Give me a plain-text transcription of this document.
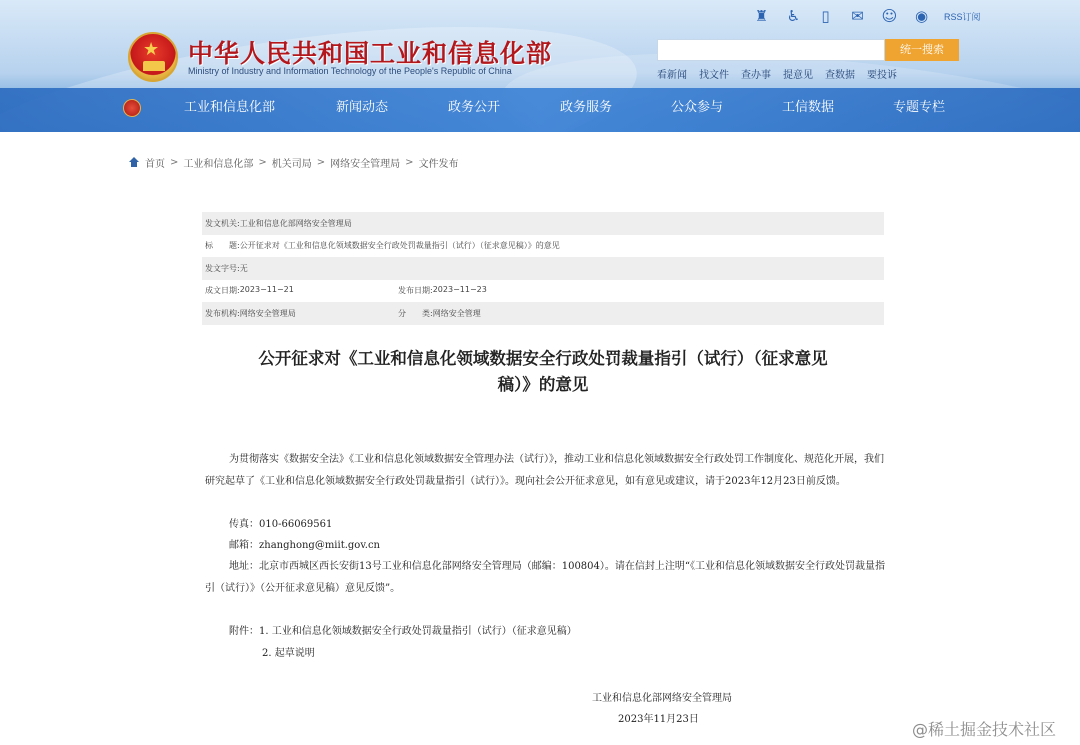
★ 中华人民共和国工业和信息化部
Ministry of Industry and Information Technology of the People's Republic of China
♜ ♿	▯	✉ ☺ ◉	RSS订阅
统一搜索
看新闻 找文件 查办事 提意见 查数据 要投诉
工业和信息化部	新闻动态	政务公开	政务服务	公众参与	工信数据	专题专栏
首页 > 工业和信息化部 > 机关司局 > 网络安全管理局 > 文件发布
发文机关: 工业和信息化部网络安全管理局
标　　题: 公开征求对《工业和信息化领域数据安全行政处罚裁量指引（试行）（征求意见稿）》的意见
发文字号: 无
成文日期: 2023−11−21	发布日期: 2023−11−23
发布机构: 网络安全管理局	分　　类: 网络安全管理
公开征求对《工业和信息化领域数据安全行政处罚裁量指引（试行）（征求意见
稿）》的意见
为贯彻落实《数据安全法》《工业和信息化领域数据安全管理办法（试行）》，推动工业和信息化领域数据安全行政处罚工作制度化、规范化开展，我们研究起草了《工业和信息化领域数据安全行政处罚裁量指引（试行）》。现向社会公开征求意见，如有意见或建议，请于2023年12月23日前反馈。
传真：010-66069561
邮箱：zhanghong@miit.gov.cn
地址：北京市西城区西长安街13号工业和信息化部网络安全管理局（邮编：100804）。请在信封上注明“《工业和信息化领域数据安全行政处罚裁量指引（试行）》（公开征求意见稿）意见反馈”。
附件：1. 工业和信息化领域数据安全行政处罚裁量指引（试行）（征求意见稿）
2. 起草说明
工业和信息化部网络安全管理局
2023年11月23日
@稀土掘金技术社区
